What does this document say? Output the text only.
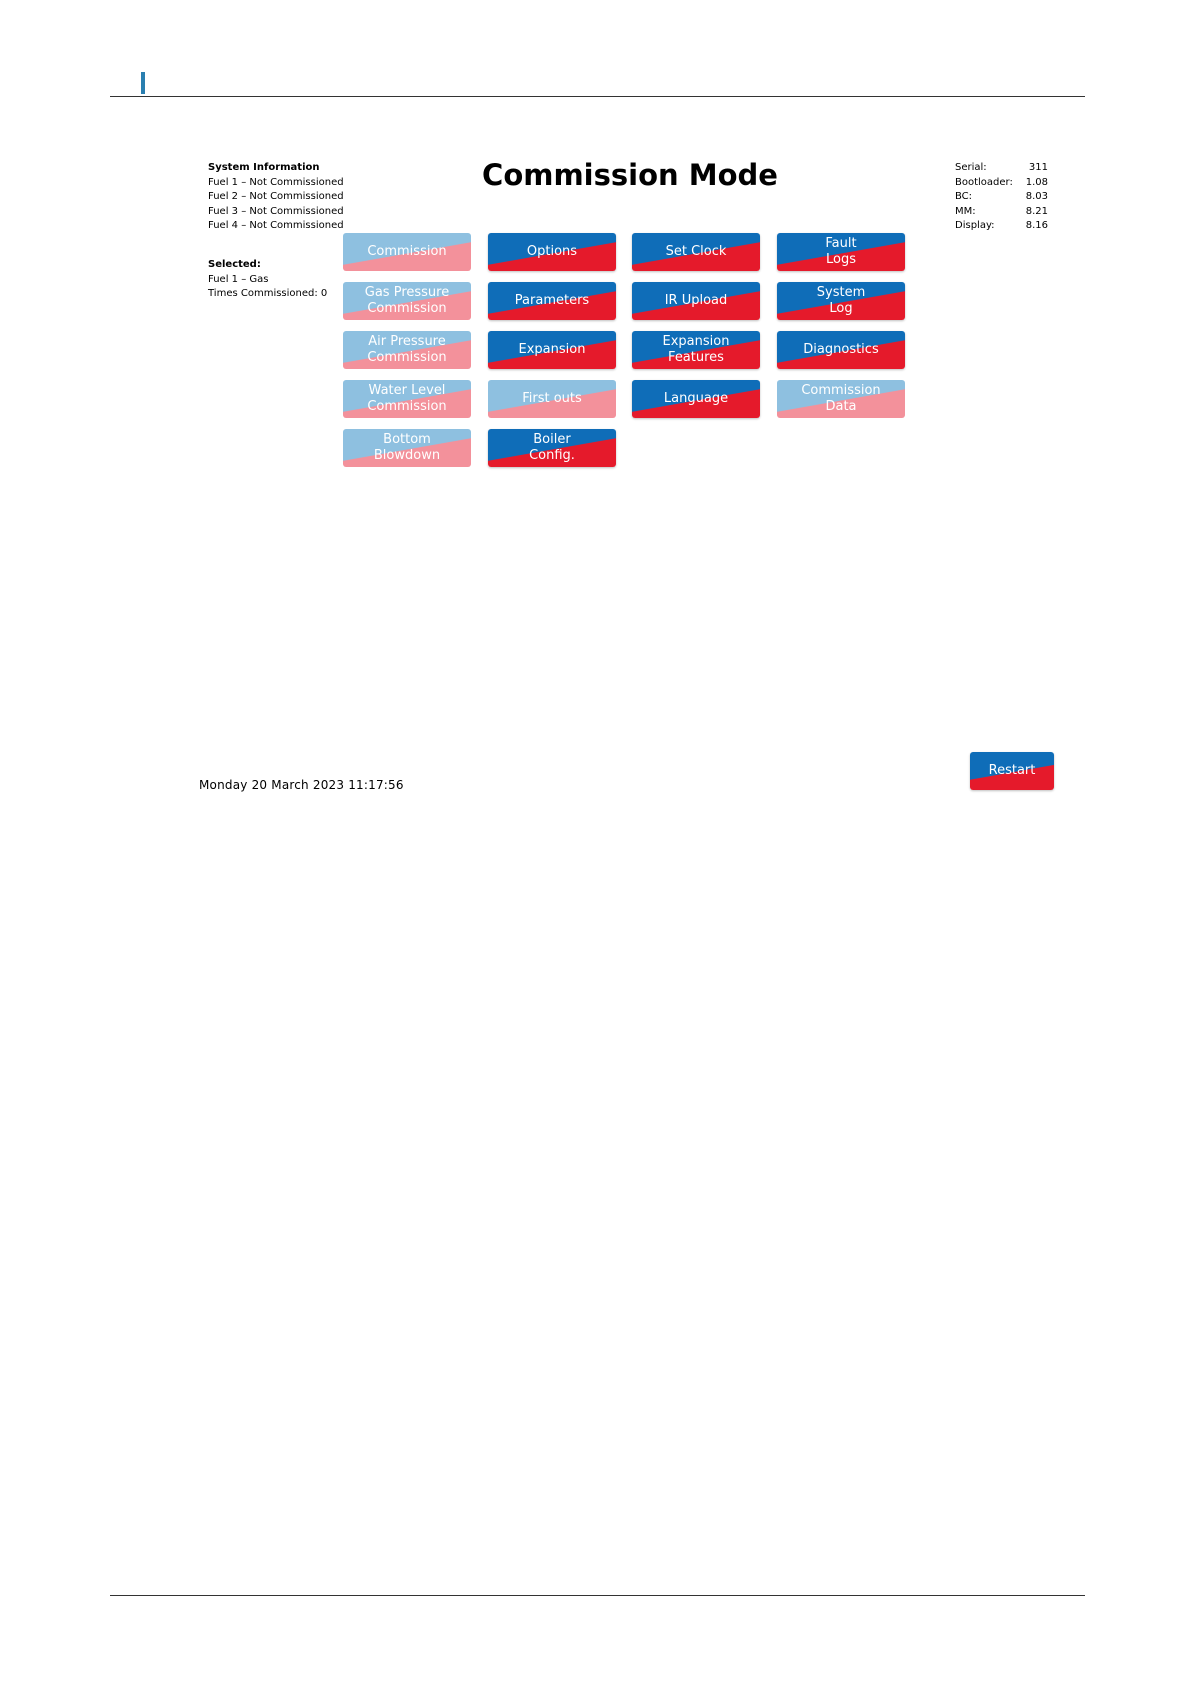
System Information
Fuel 1 – Not Commissioned
Fuel 2 – Not Commissioned
Fuel 3 – Not Commissioned
Fuel 4 – Not Commissioned
Selected:
Fuel 1 – Gas
Times Commissioned: 0
Commission Mode	Serial:	311
Bootloader: 1.08
BC:	8.03
MM:	8.21
Display:	8.16
Commission	Options	Set Clock
Fault
Logs
Gas Pressure
Commission
Parameters	IR Upload
System
Log
Air Pressure
Commission
Expansion
Expansion
Features
Diagnostics
Water Level
Commission
First outs	Language
Commission
Data
Bottom
Blowdown
Boiler
Config.
Restart
Monday 20 March 2023 11:17:56
